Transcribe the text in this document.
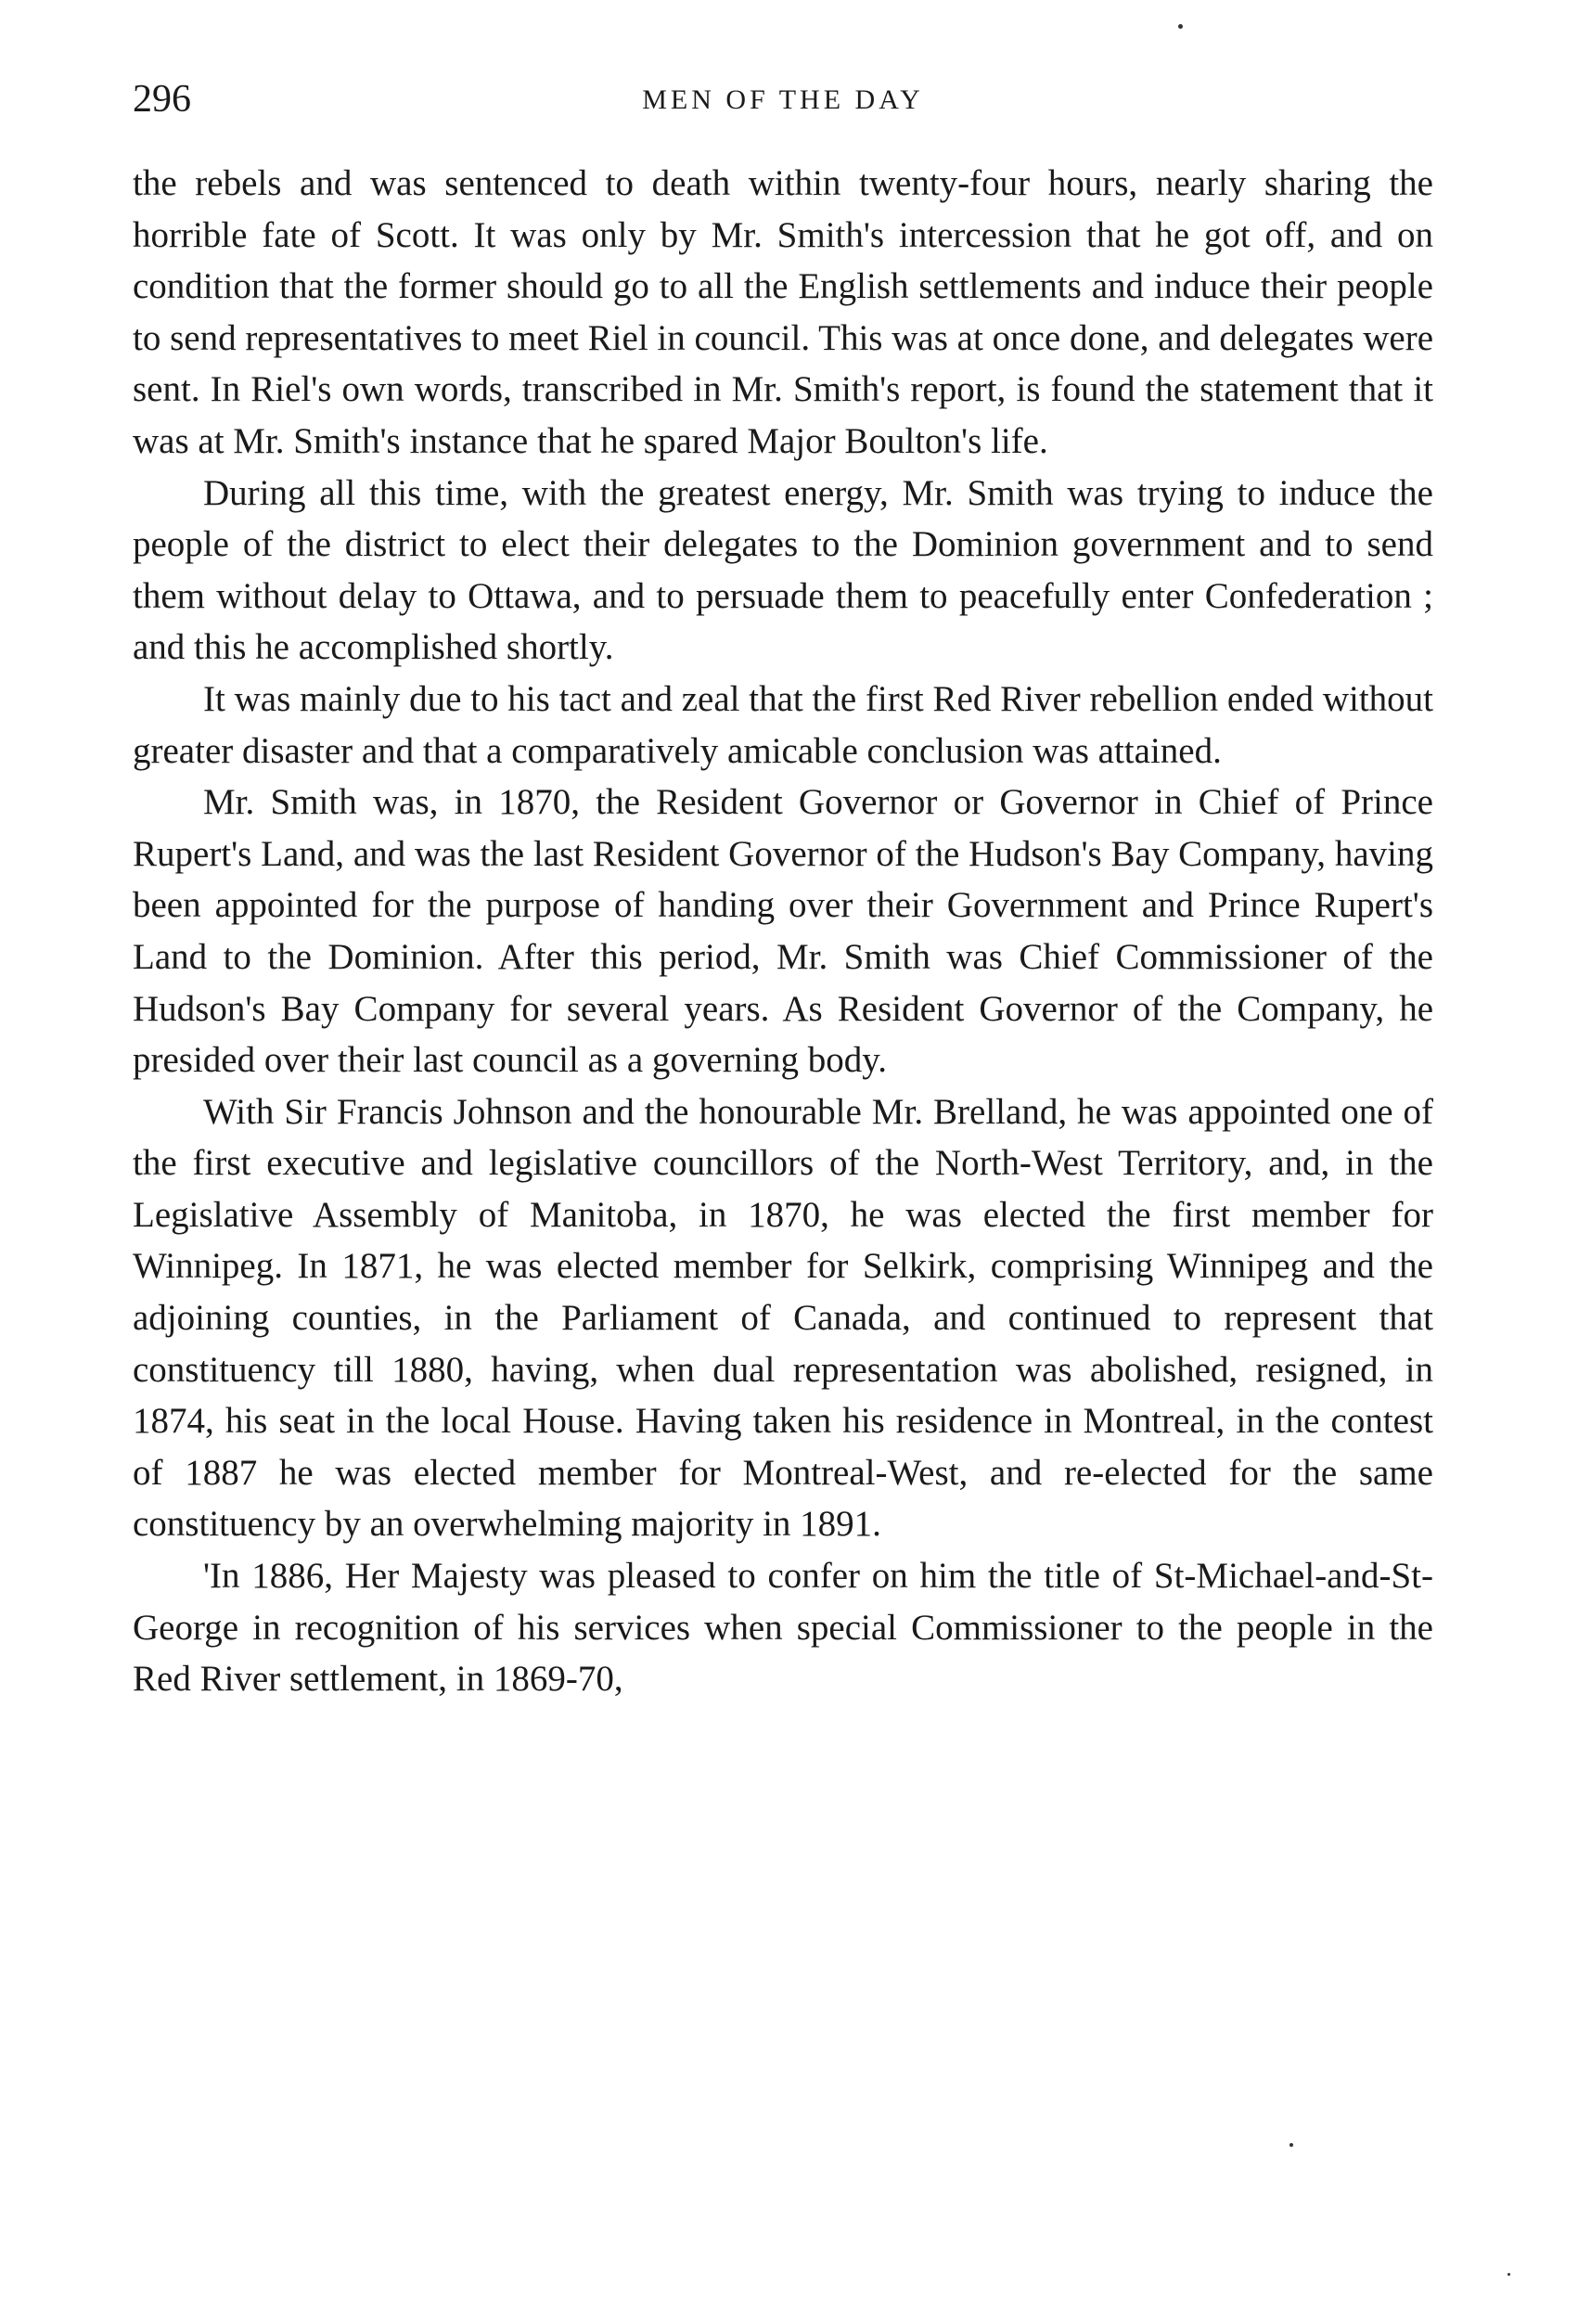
296	MEN OF THE DAY

the rebels and was sentenced to death within twenty-four hours, nearly sharing the horrible fate of Scott. It was only by Mr. Smith's intercession that he got off, and on condition that the former should go to all the English settlements and induce their people to send representatives to meet Riel in council. This was at once done, and delegates were sent. In Riel's own words, transcribed in Mr. Smith's report, is found the statement that it was at Mr. Smith's instance that he spared Major Boulton's life.

During all this time, with the greatest energy, Mr. Smith was trying to induce the people of the district to elect their delegates to the Dominion government and to send them without delay to Ottawa, and to persuade them to peacefully enter Confederation ; and this he accomplished shortly.

It was mainly due to his tact and zeal that the first Red River rebellion ended without greater disaster and that a comparatively amicable conclusion was attained.

Mr. Smith was, in 1870, the Resident Governor or Governor in Chief of Prince Rupert's Land, and was the last Resident Governor of the Hudson's Bay Company, having been appointed for the purpose of handing over their Government and Prince Rupert's Land to the Dominion. After this period, Mr. Smith was Chief Commissioner of the Hudson's Bay Company for several years. As Resident Governor of the Company, he presided over their last council as a governing body.

With Sir Francis Johnson and the honourable Mr. Brelland, he was appointed one of the first executive and legislative councillors of the North-West Territory, and, in the Legislative Assembly of Manitoba, in 1870, he was elected the first member for Winnipeg. In 1871, he was elected member for Selkirk, comprising Winnipeg and the adjoining counties, in the Parliament of Canada, and continued to represent that constituency till 1880, having, when dual representation was abolished, resigned, in 1874, his seat in the local House. Having taken his residence in Montreal, in the contest of 1887 he was elected member for Montreal-West, and re-elected for the same constituency by an overwhelming majority in 1891.

'In 1886, Her Majesty was pleased to confer on him the title of St-Michael-and-St-George in recognition of his services when special Commissioner to the people in the Red River settlement, in 1869-70,
